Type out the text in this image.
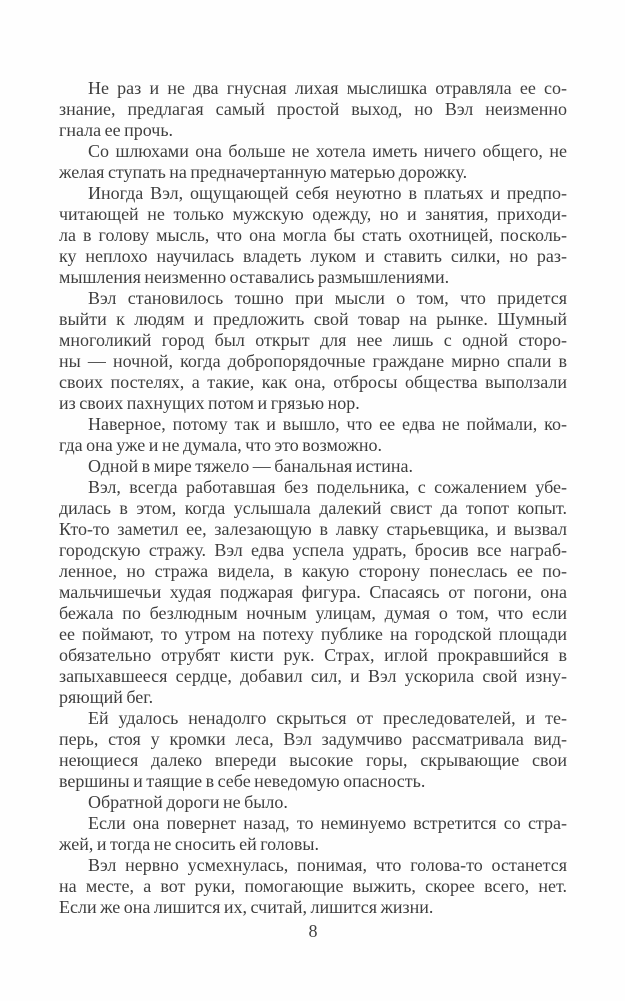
Не раз и не два гнусная лихая мыслишка отравляла ее со-
знание, предлагая самый простой выход, но Вэл неизменно
гнала ее прочь.
Со шлюхами она больше не хотела иметь ничего общего, не
желая ступать на предначертанную матерью дорожку.
Иногда Вэл, ощущающей себя неуютно в платьях и предпо-
читающей не только мужскую одежду, но и занятия, приходи-
ла в голову мысль, что она могла бы стать охотницей, посколь-
ку неплохо научилась владеть луком и ставить силки, но раз-
мышления неизменно оставались размышлениями.
Вэл становилось тошно при мысли о том, что придется
выйти к людям и предложить свой товар на рынке. Шумный
многоликий город был открыт для нее лишь с одной сторо-
ны — ночной, когда добропорядочные граждане мирно спали в
своих постелях, а такие, как она, отбросы общества выползали
из своих пахнущих потом и грязью нор.
Наверное, потому так и вышло, что ее едва не поймали, ко-
гда она уже и не думала, что это возможно.
Одной в мире тяжело — банальная истина.
Вэл, всегда работавшая без подельника, с сожалением убе-
дилась в этом, когда услышала далекий свист да топот копыт.
Кто-то заметил ее, залезающую в лавку старьевщика, и вызвал
городскую стражу. Вэл едва успела удрать, бросив все награб-
ленное, но стража видела, в какую сторону понеслась ее по-
мальчишечьи худая поджарая фигура. Спасаясь от погони, она
бежала по безлюдным ночным улицам, думая о том, что если
ее поймают, то утром на потеху публике на городской площади
обязательно отрубят кисти рук. Страх, иглой прокравшийся в
запыхавшееся сердце, добавил сил, и Вэл ускорила свой изну-
ряющий бег.
Ей удалось ненадолго скрыться от преследователей, и те-
перь, стоя у кромки леса, Вэл задумчиво рассматривала вид-
неющиеся далеко впереди высокие горы, скрывающие свои
вершины и таящие в себе неведомую опасность.
Обратной дороги не было.
Если она повернет назад, то неминуемо встретится со стра-
жей, и тогда не сносить ей головы.
Вэл нервно усмехнулась, понимая, что голова-то останется
на месте, а вот руки, помогающие выжить, скорее всего, нет.
Если же она лишится их, считай, лишится жизни.
8
